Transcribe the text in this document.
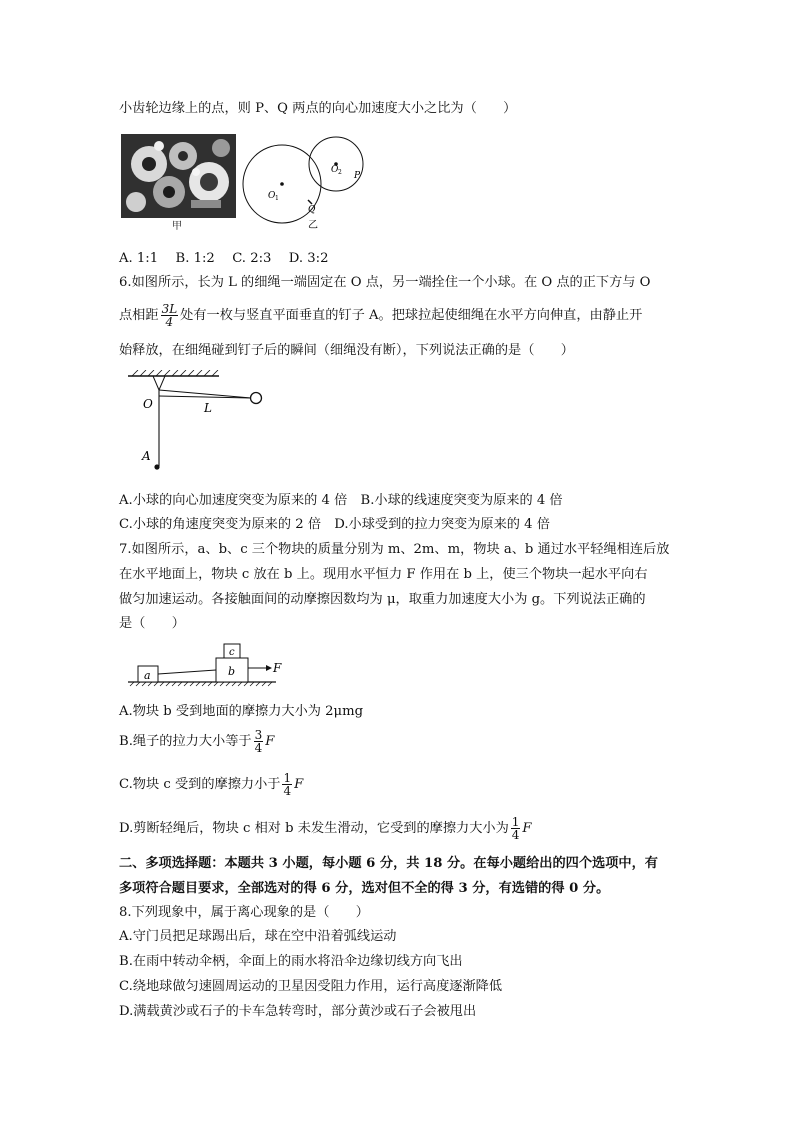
小齿轮边缘上的点，则 P、Q 两点的向心加速度大小之比为（　　）
甲
O 1
O 2 P
Q
乙
A. 1:1　 B. 1:2　 C. 2:3　 D. 3:2
6.如图所示，长为 L 的细绳一端固定在 O 点，另一端拴住一个小球。在 O 点的正下方与 O
点相距 $\frac{3L}{4}$ 处有一枚与竖直平面垂直的钉子 A。把球拉起使细绳在水平方向伸直，由静止开
始释放，在细绳碰到钉子后的瞬间（细绳没有断），下列说法正确的是（　　）
O	L
A
A.小球的向心加速度突变为原来的 4 倍　 B.小球的线速度突变为原来的 4 倍
C.小球的角速度突变为原来的 2 倍　 D.小球受到的拉力突变为原来的 4 倍
7.如图所示，a、b、c 三个物块的质量分别为 m、2m、m，物块 a、b 通过水平轻绳相连后放
在水平地面上，物块 c 放在 b 上。现用水平恒力 F 作用在 b 上，使三个物块一起水平向右
做匀加速运动。各接触面间的动摩擦因数均为 μ，取重力加速度大小为 g。下列说法正确的
是（　　）
a	b
c
F
A.物块 b 受到地面的摩擦力大小为 2μmg
B.绳子的拉力大小等于 $\frac{3}{4}$ F
C.物块 c 受到的摩擦力小于 $\frac{1}{4}$ F
D.剪断轻绳后，物块 c 相对 b 未发生滑动，它受到的摩擦力大小为 $\frac{1}{4}$ F
二、多项选择题：本题共 3 小题，每小题 6 分，共 18 分。在每小题给出的四个选项中，有
多项符合题目要求，全部选对的得 6 分，选对但不全的得 3 分，有选错的得 0 分。
8.下列现象中，属于离心现象的是（　　）
A.守门员把足球踢出后，球在空中沿着弧线运动
B.在雨中转动伞柄，伞面上的雨水将沿伞边缘切线方向飞出
C.绕地球做匀速圆周运动的卫星因受阻力作用，运行高度逐渐降低
D.满载黄沙或石子的卡车急转弯时，部分黄沙或石子会被甩出
